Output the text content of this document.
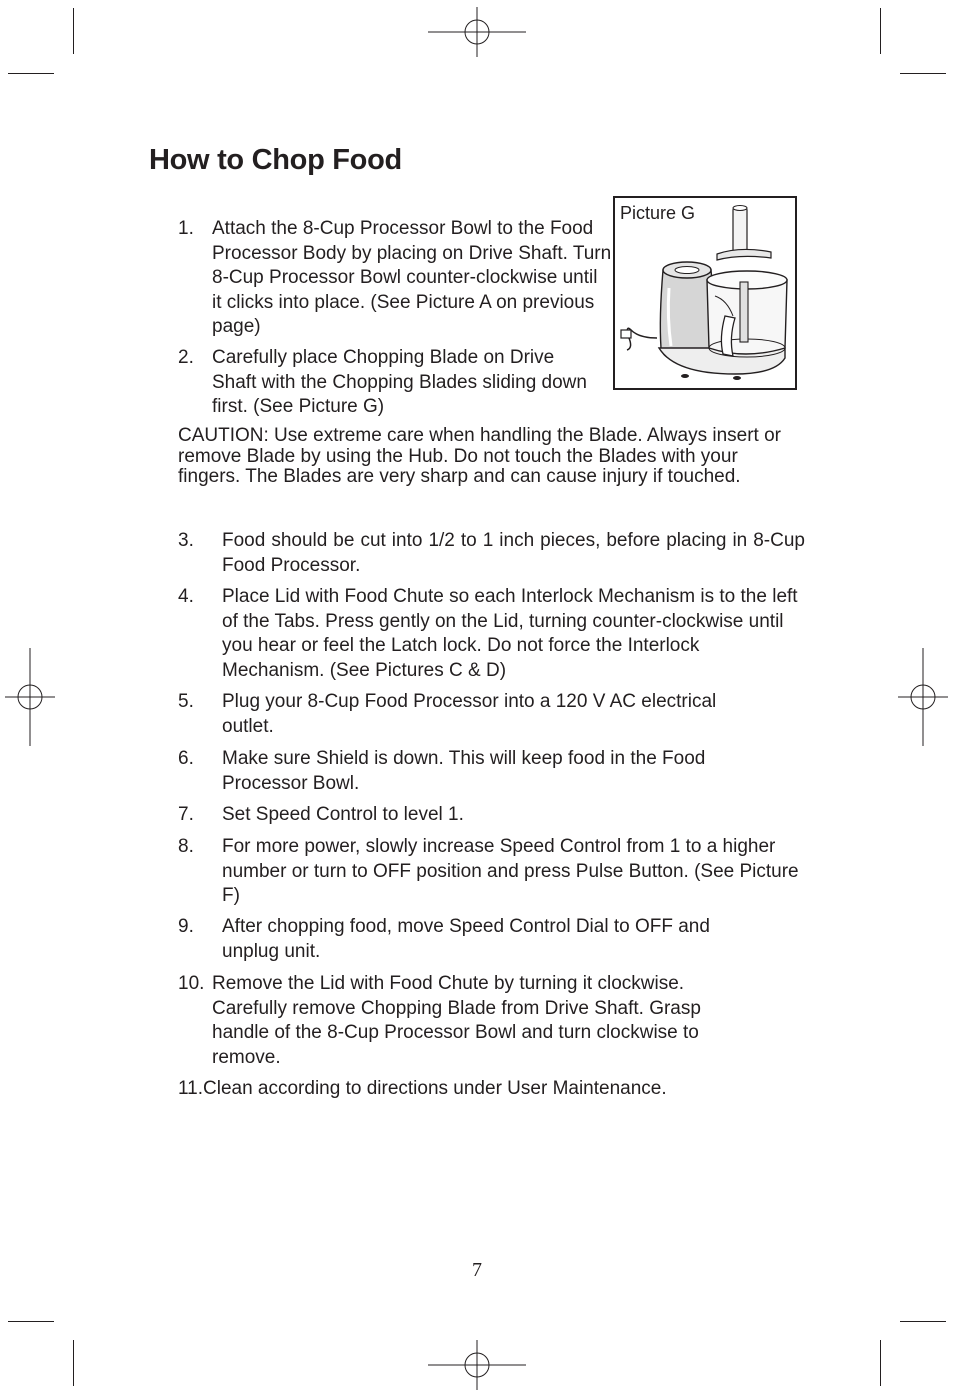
How to Chop Food
Picture G
1. Attach the 8-Cup Processor Bowl to the Food Processor Body by placing on Drive Shaft. Turn 8-Cup Processor Bowl counter-clockwise until it clicks into place. (See Picture A on previous page)
2. Carefully place Chopping Blade on Drive Shaft with the Chopping Blades sliding down first. (See Picture G)
CAUTION: Use extreme care when handling the Blade. Always insert or remove Blade by using the Hub. Do not touch the Blades with your fingers. The Blades are very sharp and can cause injury if touched.
3. Food should be cut into 1/2 to 1 inch pieces, before placing in 8-Cup Food Processor.
4. Place Lid with Food Chute so each Interlock Mechanism is to the left of the Tabs. Press gently on the Lid, turning counter-clockwise until you hear or feel the Latch lock. Do not force the Interlock Mechanism. (See Pictures C & D)
5. Plug your 8-Cup Food Processor into a 120 V AC electrical outlet.
6. Make sure Shield is down. This will keep food in the Food Processor Bowl.
7. Set Speed Control to level 1.
8. For more power, slowly increase Speed Control from 1 to a higher number or turn to OFF position and press Pulse Button. (See Picture F)
9. After chopping food, move Speed Control Dial to OFF and unplug unit.
10. Remove the Lid with Food Chute by turning it clockwise. Carefully remove Chopping Blade from Drive Shaft. Grasp handle of the 8-Cup Processor Bowl and turn clockwise to remove.
11. Clean according to directions under User Maintenance.
7
